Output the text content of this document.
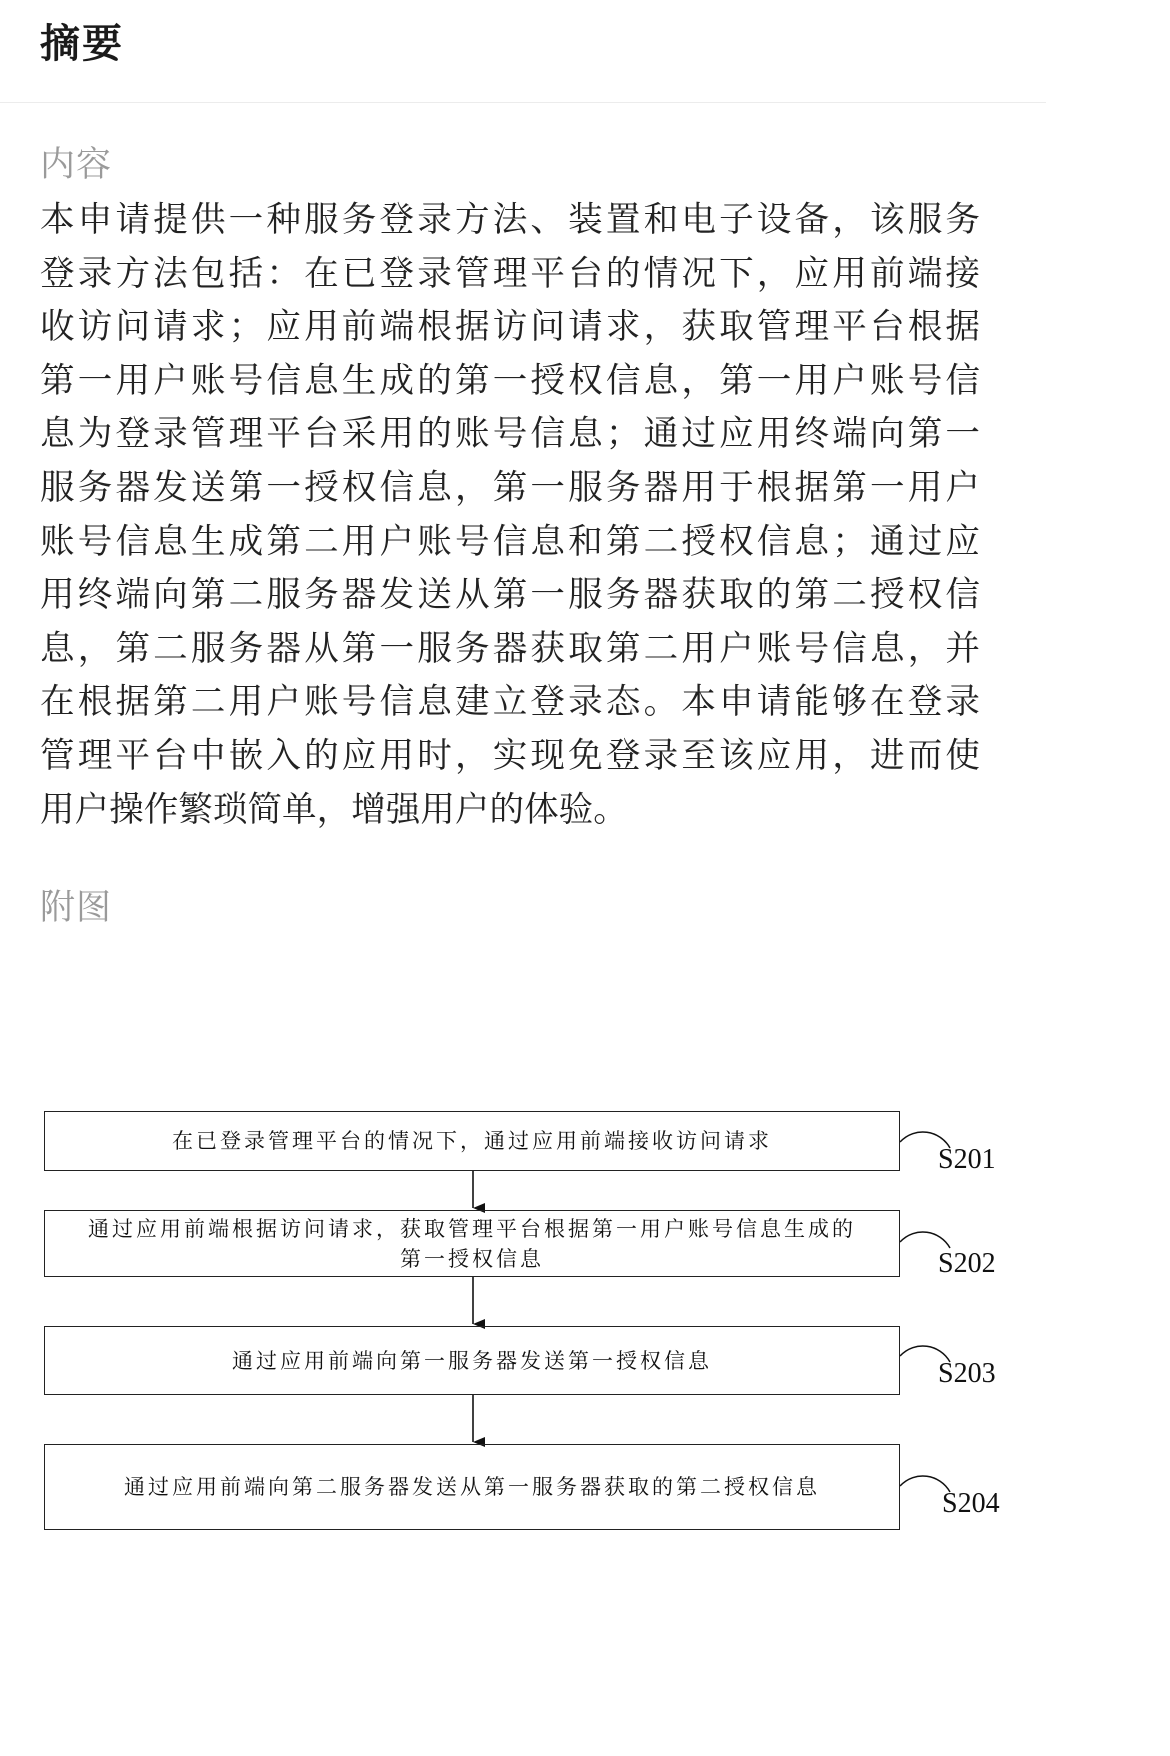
摘要
内容
本申请提供一种服务登录方法、装置和电子设备，该服务
登录方法包括：在已登录管理平台的情况下，应用前端接
收访问请求；应用前端根据访问请求，获取管理平台根据
第一用户账号信息生成的第一授权信息，第一用户账号信
息为登录管理平台采用的账号信息；通过应用终端向第一
服务器发送第一授权信息，第一服务器用于根据第一用户
账号信息生成第二用户账号信息和第二授权信息；通过应
用终端向第二服务器发送从第一服务器获取的第二授权信
息，第二服务器从第一服务器获取第二用户账号信息，并
在根据第二用户账号信息建立登录态。本申请能够在登录
管理平台中嵌入的应用时，实现免登录至该应用，进而使
用户操作繁琐简单，增强用户的体验。
附图
在已登录管理平台的情况下，通过应用前端接收访问请求
S201
通过应用前端根据访问请求，获取管理平台根据第一用户账号信息生成的
第一授权信息	S202
通过应用前端向第一服务器发送第一授权信息	S203
通过应用前端向第二服务器发送从第一服务器获取的第二授权信息
S204
